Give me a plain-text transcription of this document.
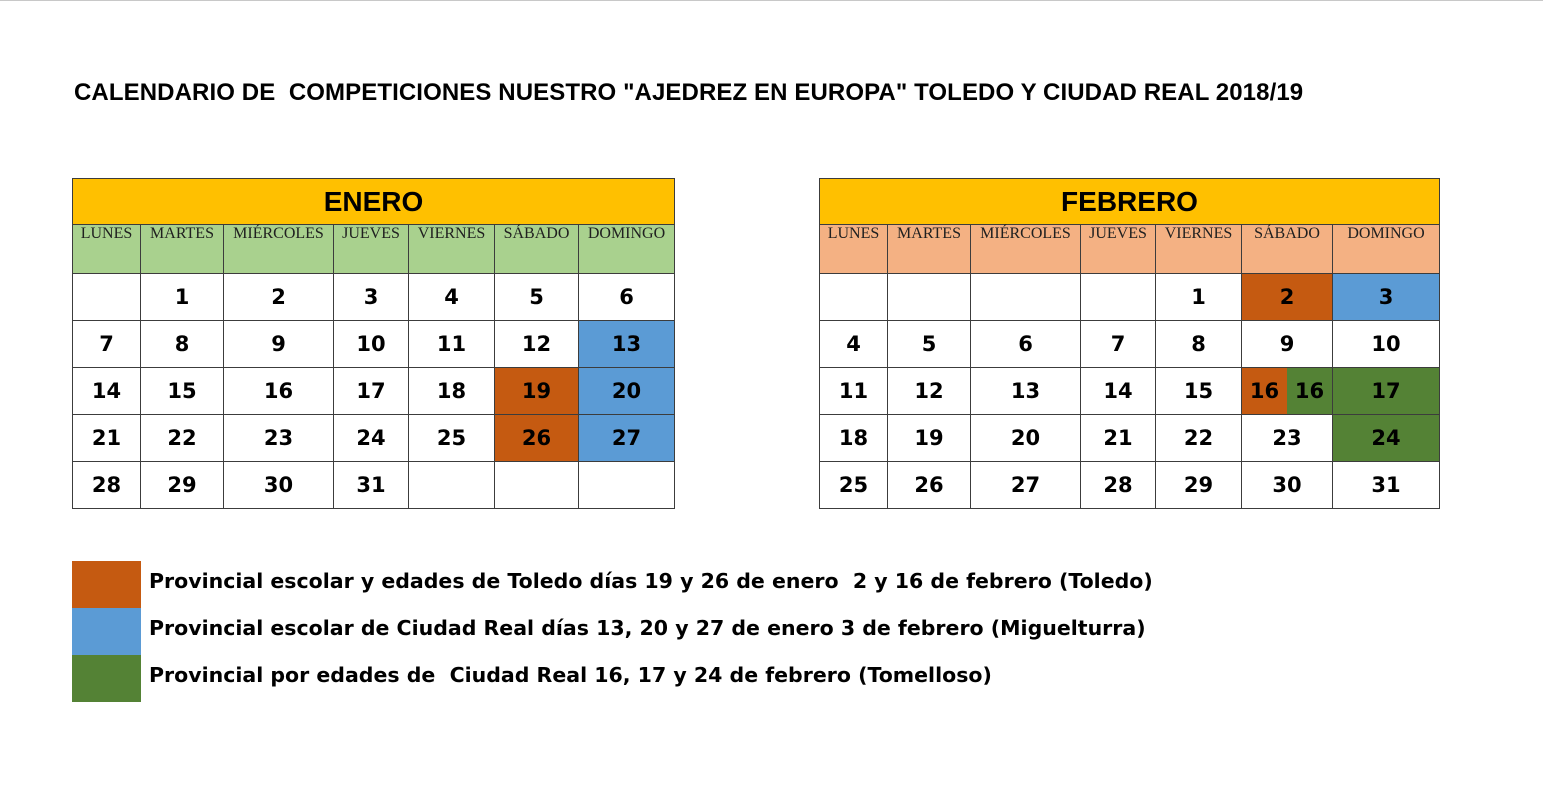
CALENDARIO DE  COMPETICIONES NUESTRO "AJEDREZ EN EUROPA" TOLEDO Y CIUDAD REAL 2018/19
ENERO						
LUNES	MARTES	MIÉRCOLES	JUEVES	VIERNES	SÁBADO	DOMINGO
	1	2	3	4	5	6
7	8	9	10	11	12	13
14	15	16	17	18	19	20
21	22	23	24	25	26	27
28	29	30	31			
FEBRERO						
LUNES	MARTES	MIÉRCOLES	JUEVES	VIERNES	SÁBADO	DOMINGO
				1	2	3
4	5	6	7	8	9	10
11	12	13	14	15	16 16	17
18	19	20	21	22	23	24
25	26	27	28	29	30	31
Provincial escolar y edades de Toledo días 19 y 26 de enero  2 y 16 de febrero (Toledo)
Provincial escolar de Ciudad Real días 13, 20 y 27 de enero 3 de febrero (Miguelturra)
Provincial por edades de  Ciudad Real 16, 17 y 24 de febrero (Tomelloso)
